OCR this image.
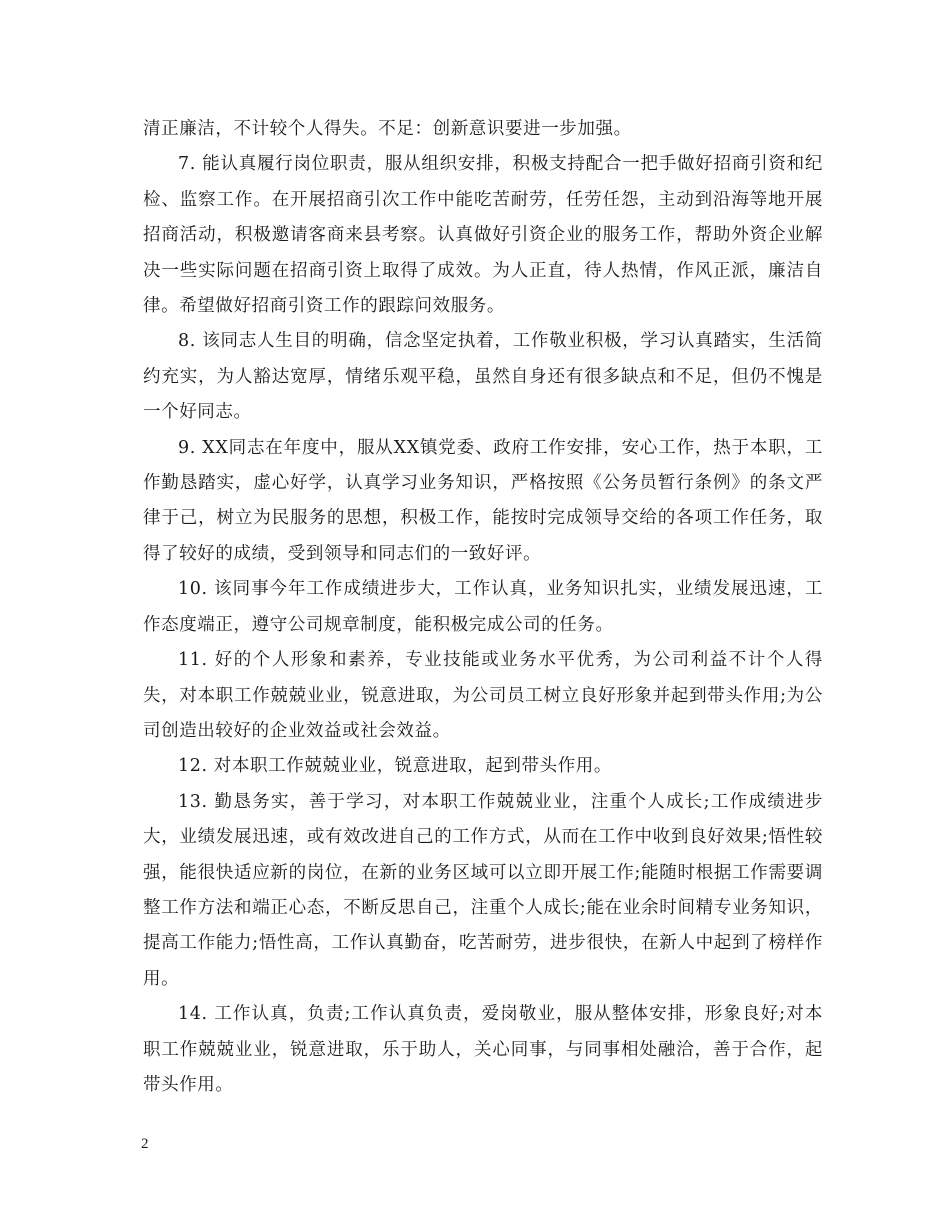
清正廉洁，不计较个人得失。不足：创新意识要进一步加强。

7. 能认真履行岗位职责，服从组织安排，积极支持配合一把手做好招商引资和纪检、监察工作。在开展招商引次工作中能吃苦耐劳，任劳任怨，主动到沿海等地开展招商活动，积极邀请客商来县考察。认真做好引资企业的服务工作，帮助外资企业解决一些实际问题在招商引资上取得了成效。为人正直，待人热情，作风正派，廉洁自律。希望做好招商引资工作的跟踪问效服务。

8. 该同志人生目的明确，信念坚定执着，工作敬业积极，学习认真踏实，生活简约充实，为人豁达宽厚，情绪乐观平稳，虽然自身还有很多缺点和不足，但仍不愧是一个好同志。

9. XX同志在年度中，服从XX镇党委、政府工作安排，安心工作，热于本职，工作勤恳踏实，虚心好学，认真学习业务知识，严格按照《公务员暂行条例》的条文严律于己，树立为民服务的思想，积极工作，能按时完成领导交给的各项工作任务，取得了较好的成绩，受到领导和同志们的一致好评。

10. 该同事今年工作成绩进步大，工作认真，业务知识扎实，业绩发展迅速，工作态度端正，遵守公司规章制度，能积极完成公司的任务。

11. 好的个人形象和素养，专业技能或业务水平优秀，为公司利益不计个人得失，对本职工作兢兢业业，锐意进取，为公司员工树立良好形象并起到带头作用;为公司创造出较好的企业效益或社会效益。

12. 对本职工作兢兢业业，锐意进取，起到带头作用。

13. 勤恳务实，善于学习，对本职工作兢兢业业，注重个人成长;工作成绩进步大，业绩发展迅速，或有效改进自己的工作方式，从而在工作中收到良好效果;悟性较强，能很快适应新的岗位，在新的业务区域可以立即开展工作;能随时根据工作需要调整工作方法和端正心态，不断反思自己，注重个人成长;能在业余时间精专业务知识，提高工作能力;悟性高，工作认真勤奋，吃苦耐劳，进步很快，在新人中起到了榜样作用。

14. 工作认真，负责;工作认真负责，爱岗敬业，服从整体安排，形象良好;对本职工作兢兢业业，锐意进取，乐于助人，关心同事，与同事相处融洽，善于合作，起带头作用。

2
